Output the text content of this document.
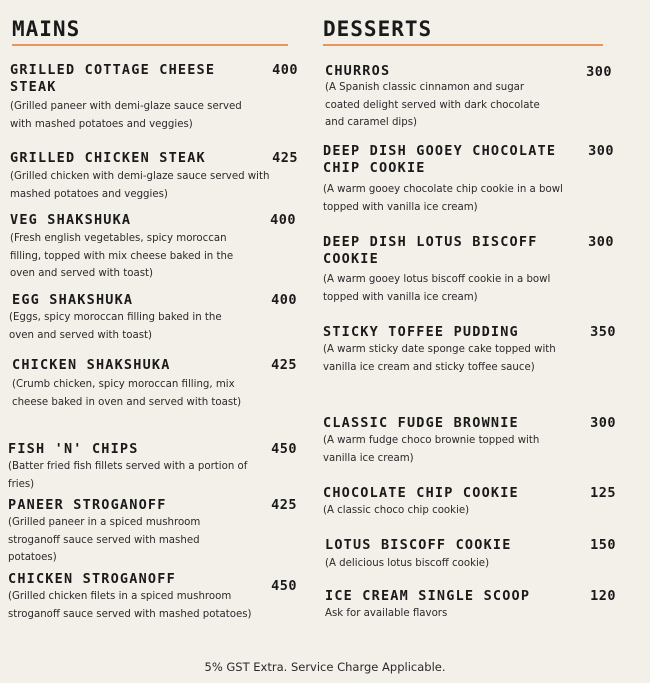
MAINS
GRILLED COTTAGE CHEESE
STEAK
400
(Grilled paneer with demi-glaze sauce served with mashed potatoes and veggies)
GRILLED CHICKEN STEAK	425
(Grilled chicken with demi-glaze sauce served with mashed potatoes and veggies)
VEG SHAKSHUKA	400
(Fresh english vegetables, spicy moroccan filling, topped with mix cheese baked in the oven and served with toast)
EGG SHAKSHUKA	400
(Eggs, spicy moroccan filling baked in the oven and served with toast)
CHICKEN SHAKSHUKA	425
(Crumb chicken, spicy moroccan filling, mix cheese baked in oven and served with toast)
FISH 'N' CHIPS	450
(Batter fried fish fillets served with a portion of fries)
PANEER STROGANOFF	425
(Grilled paneer in a spiced mushroom stroganoff sauce served with mashed potatoes)
CHICKEN STROGANOFF	450
(Grilled chicken filets in a spiced mushroom stroganoff sauce served with mashed potatoes)
DESSERTS
CHURROS	300
(A Spanish classic cinnamon and sugar coated delight served with dark chocolate and caramel dips)
DEEP DISH GOOEY CHOCOLATE
CHIP COOKIE
300
(A warm gooey chocolate chip cookie in a bowl topped with vanilla ice cream)
DEEP DISH LOTUS BISCOFF
COOKIE
300
(A warm gooey lotus biscoff cookie in a bowl topped with vanilla ice cream)
STICKY TOFFEE PUDDING	350
(A warm sticky date sponge cake topped with vanilla ice cream and sticky toffee sauce)
CLASSIC FUDGE BROWNIE	300
(A warm fudge choco brownie topped with vanilla ice cream)
CHOCOLATE CHIP COOKIE	125
(A classic choco chip cookie)
LOTUS BISCOFF COOKIE	150
(A delicious lotus biscoff cookie)
ICE CREAM SINGLE SCOOP	120
Ask for available flavors
5% GST Extra. Service Charge Applicable.
